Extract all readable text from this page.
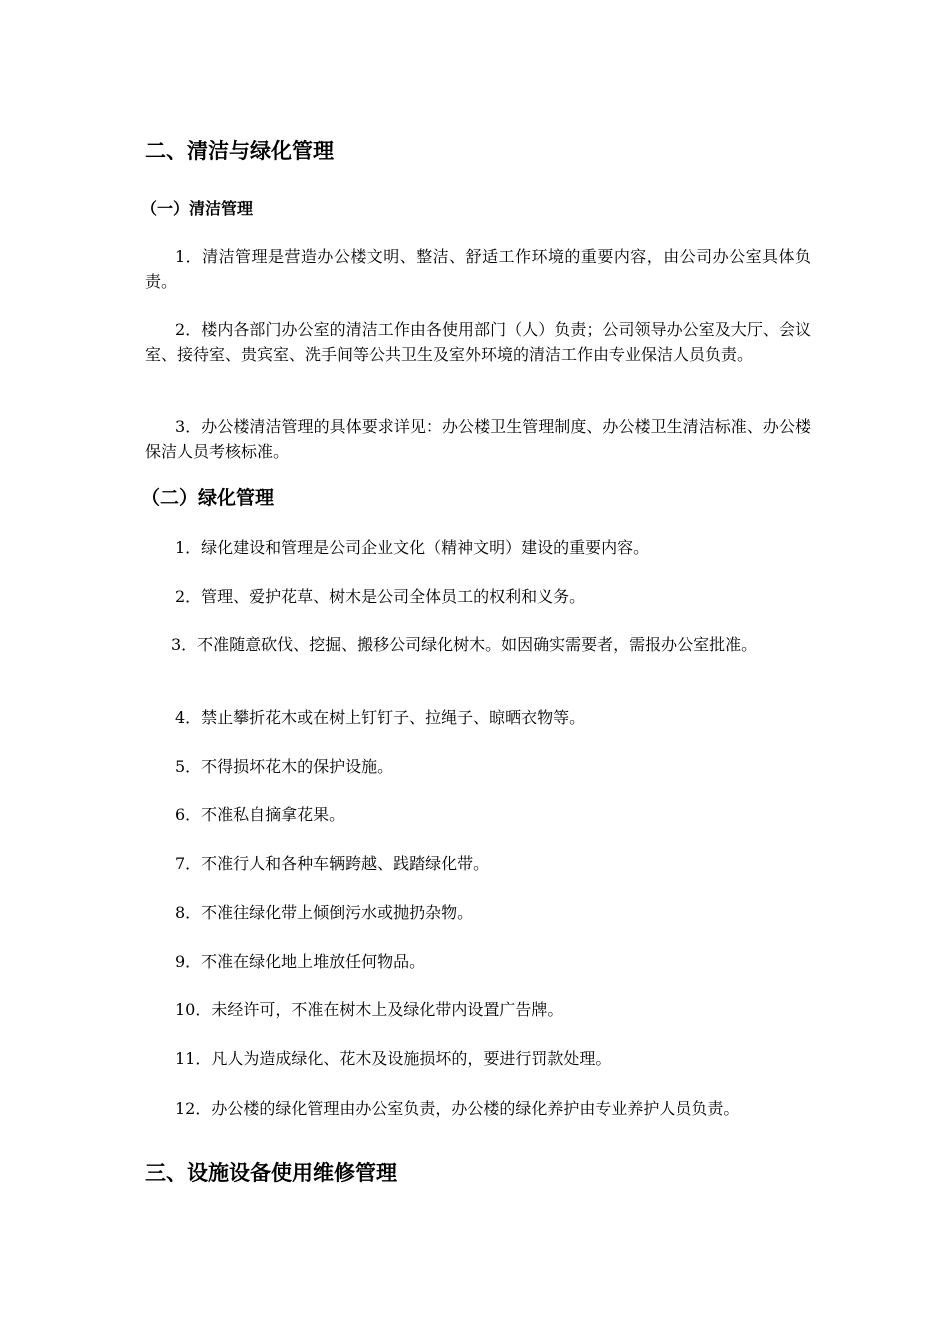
二、清洁与绿化管理
（一）清洁管理

1．清洁管理是营造办公楼文明、整洁、舒适工作环境的重要内容，由公司办公室具体负责。

2．楼内各部门办公室的清洁工作由各使用部门（人）负责；公司领导办公室及大厅、会议室、接待室、贵宾室、洗手间等公共卫生及室外环境的清洁工作由专业保洁人员负责。

3．办公楼清洁管理的具体要求详见：办公楼卫生管理制度、办公楼卫生清洁标准、办公楼保洁人员考核标准。

（二）绿化管理

1．绿化建设和管理是公司企业文化（精神文明）建设的重要内容。

2．管理、爱护花草、树木是公司全体员工的权利和义务。

3．不准随意砍伐、挖掘、搬移公司绿化树木。如因确实需要者，需报办公室批准。

4．禁止攀折花木或在树上钉钉子、拉绳子、晾晒衣物等。

5．不得损坏花木的保护设施。

6．不准私自摘拿花果。

7．不准行人和各种车辆跨越、践踏绿化带。

8．不准往绿化带上倾倒污水或抛扔杂物。

9．不准在绿化地上堆放任何物品。

10．未经许可，不准在树木上及绿化带内设置广告牌。

11．凡人为造成绿化、花木及设施损坏的，要进行罚款处理。

12．办公楼的绿化管理由办公室负责，办公楼的绿化养护由专业养护人员负责。

三、设施设备使用维修管理
